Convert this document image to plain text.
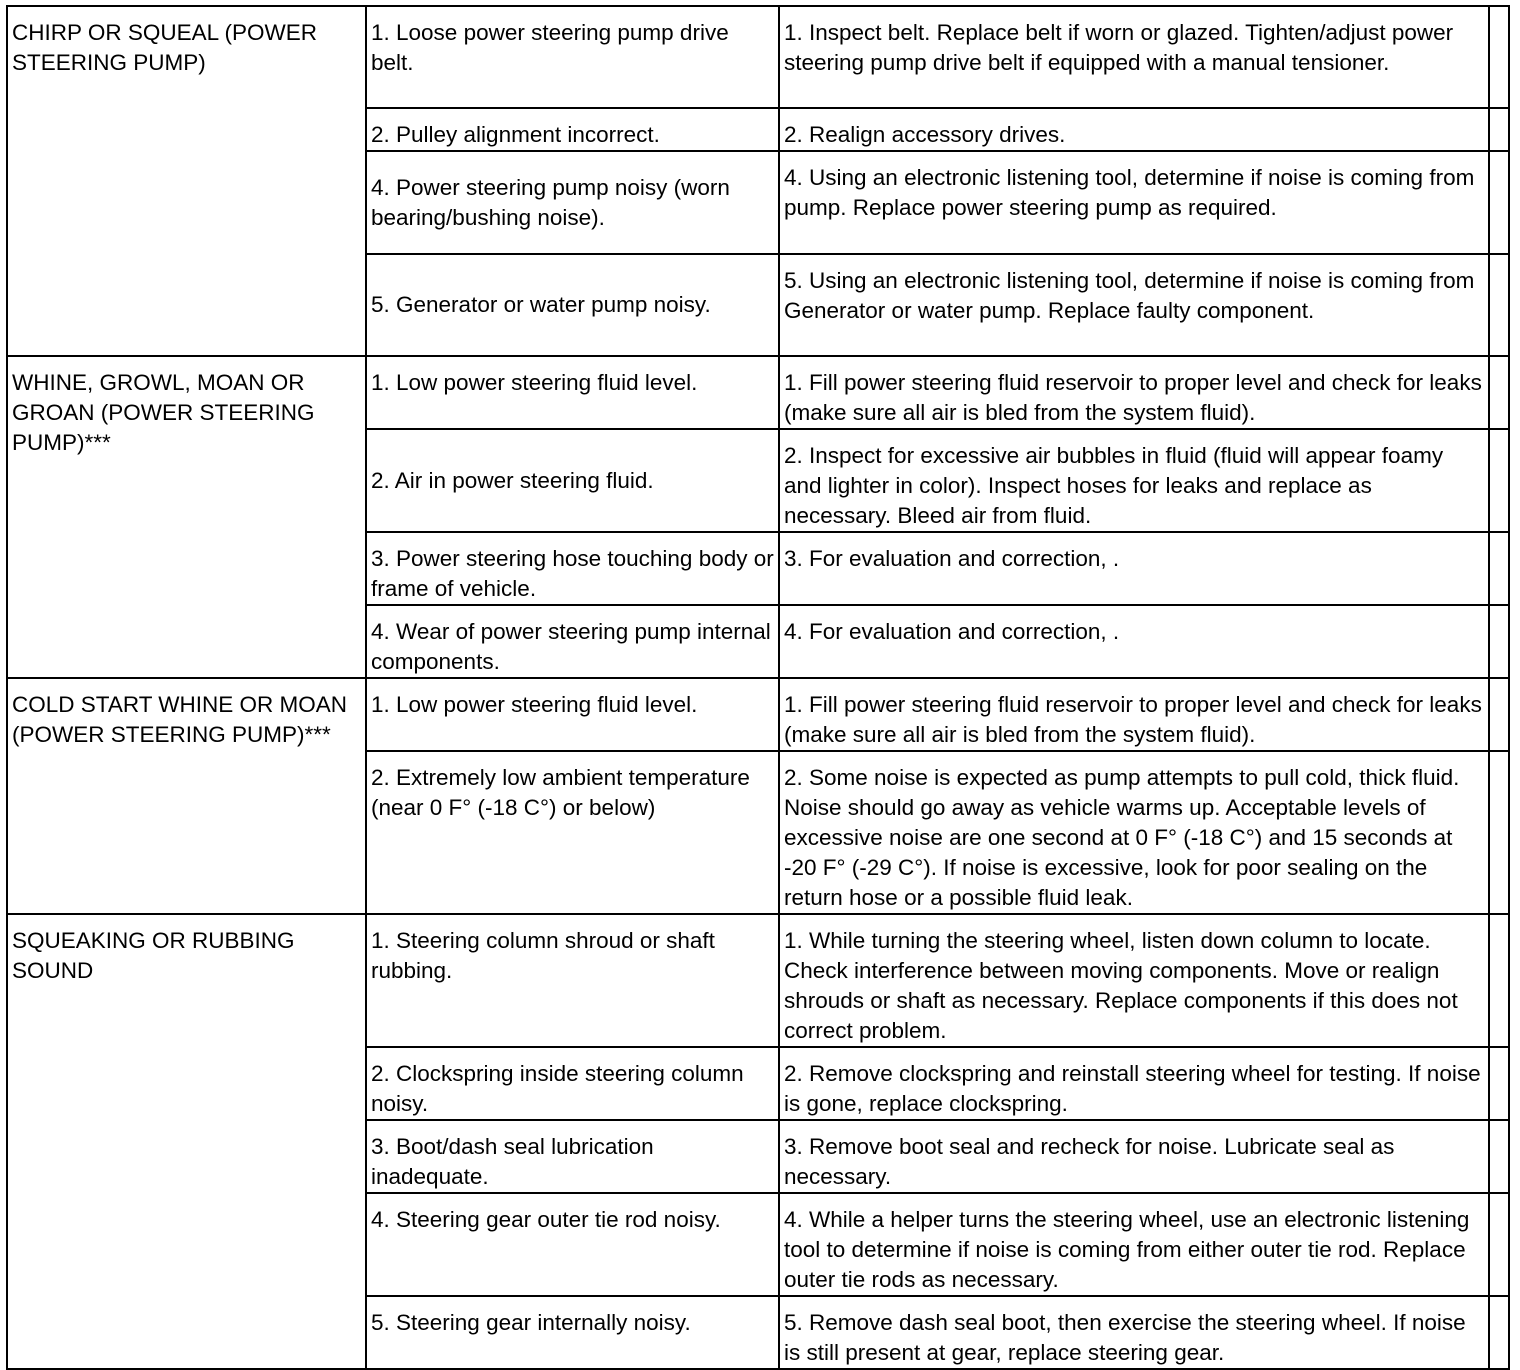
CHIRP OR SQUEAL (POWER STEERING PUMP)	1. Loose power steering pump drive belt.	1. Inspect belt. Replace belt if worn or glazed. Tighten/adjust power steering pump drive belt if equipped with a manual tensioner.	
	2. Pulley alignment incorrect.	2. Realign accessory drives.	
	4. Power steering pump noisy (worn bearing/bushing noise).	4. Using an electronic listening tool, determine if noise is coming from pump. Replace power steering pump as required.	
	5. Generator or water pump noisy.	5. Using an electronic listening tool, determine if noise is coming from Generator or water pump. Replace faulty component.	
WHINE, GROWL, MOAN OR GROAN (POWER STEERING PUMP)***	1. Low power steering fluid level.	1. Fill power steering fluid reservoir to proper level and check for leaks (make sure all air is bled from the system fluid).	
	2. Air in power steering fluid.	2. Inspect for excessive air bubbles in fluid (fluid will appear foamy and lighter in color). Inspect hoses for leaks and replace as necessary. Bleed air from fluid.	
	3. Power steering hose touching body or frame of vehicle.	3. For evaluation and correction, .	
	4. Wear of power steering pump internal components.	4. For evaluation and correction, .	
COLD START WHINE OR MOAN (POWER STEERING PUMP)***	1. Low power steering fluid level.	1. Fill power steering fluid reservoir to proper level and check for leaks (make sure all air is bled from the system fluid).	
	2. Extremely low ambient temperature (near 0 F° (-18 C°) or below)	2. Some noise is expected as pump attempts to pull cold, thick fluid. Noise should go away as vehicle warms up. Acceptable levels of excessive noise are one second at 0 F° (-18 C°) and 15 seconds at -20 F° (-29 C°). If noise is excessive, look for poor sealing on the return hose or a possible fluid leak.	
SQUEAKING OR RUBBING SOUND	1. Steering column shroud or shaft rubbing.	1. While turning the steering wheel, listen down column to locate. Check interference between moving components. Move or realign shrouds or shaft as necessary. Replace components if this does not correct problem.	
	2. Clockspring inside steering column noisy.	2. Remove clockspring and reinstall steering wheel for testing. If noise is gone, replace clockspring.	
	3. Boot/dash seal lubrication inadequate.	3. Remove boot seal and recheck for noise. Lubricate seal as necessary.	
	4. Steering gear outer tie rod noisy.	4. While a helper turns the steering wheel, use an electronic listening tool to determine if noise is coming from either outer tie rod. Replace outer tie rods as necessary.	
	5. Steering gear internally noisy.	5. Remove dash seal boot, then exercise the steering wheel. If noise is still present at gear, replace steering gear.	
